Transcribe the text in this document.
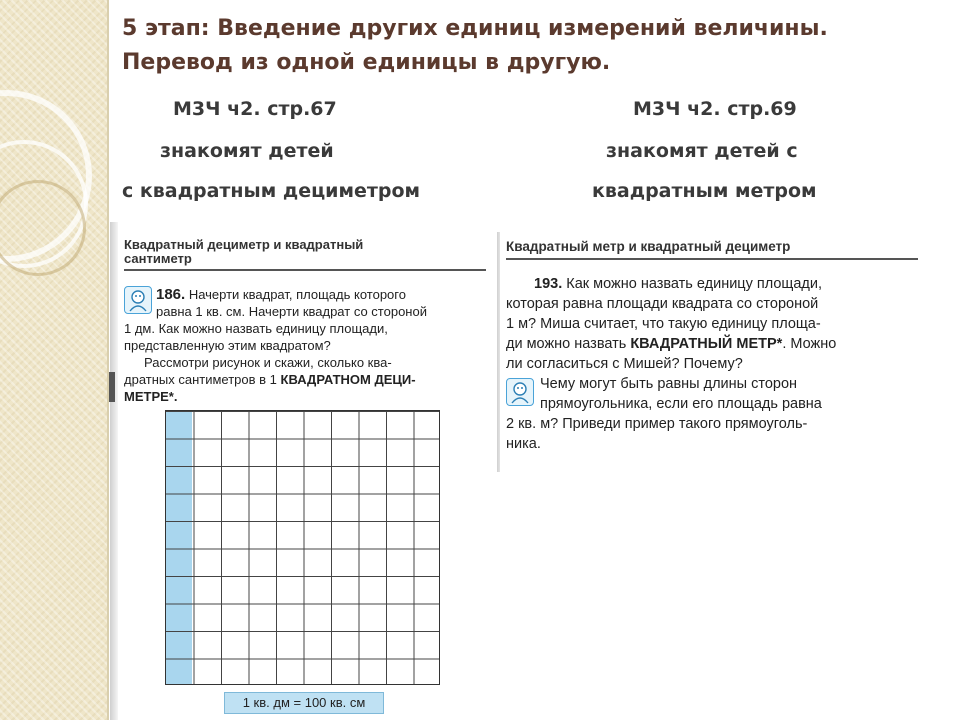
5 этап: Введение других единиц измерений величины.
Перевод из одной единицы в другую.
М3Ч ч2. стр.67
знакомят детей
с квадратным дециметром
М3Ч ч2. стр.69
знакомят детей с
квадратным метром
Квадратный дециметр и квадратный
сантиметр
186. Начерти квадрат, площадь которого
равна 1 кв. см. Начерти квадрат со стороной
1 дм. Как можно назвать единицу площади,
представленную этим квадратом?
Рассмотри рисунок и скажи, сколько ква-
дратных сантиметров в 1 КВАДРАТНОМ ДЕЦИ-
МЕТРЕ*.
1 кв. дм = 100 кв. см
Квадратный метр и квадратный дециметр
193. Как можно назвать единицу площади,
которая равна площади квадрата со стороной
1 м? Миша считает, что такую единицу площа-
ди можно назвать КВАДРАТНЫЙ МЕТР*. Можно
ли согласиться с Мишей? Почему?
Чему могут быть равны длины сторон
прямоугольника, если его площадь равна
2 кв. м? Приведи пример такого прямоуголь-
ника.
